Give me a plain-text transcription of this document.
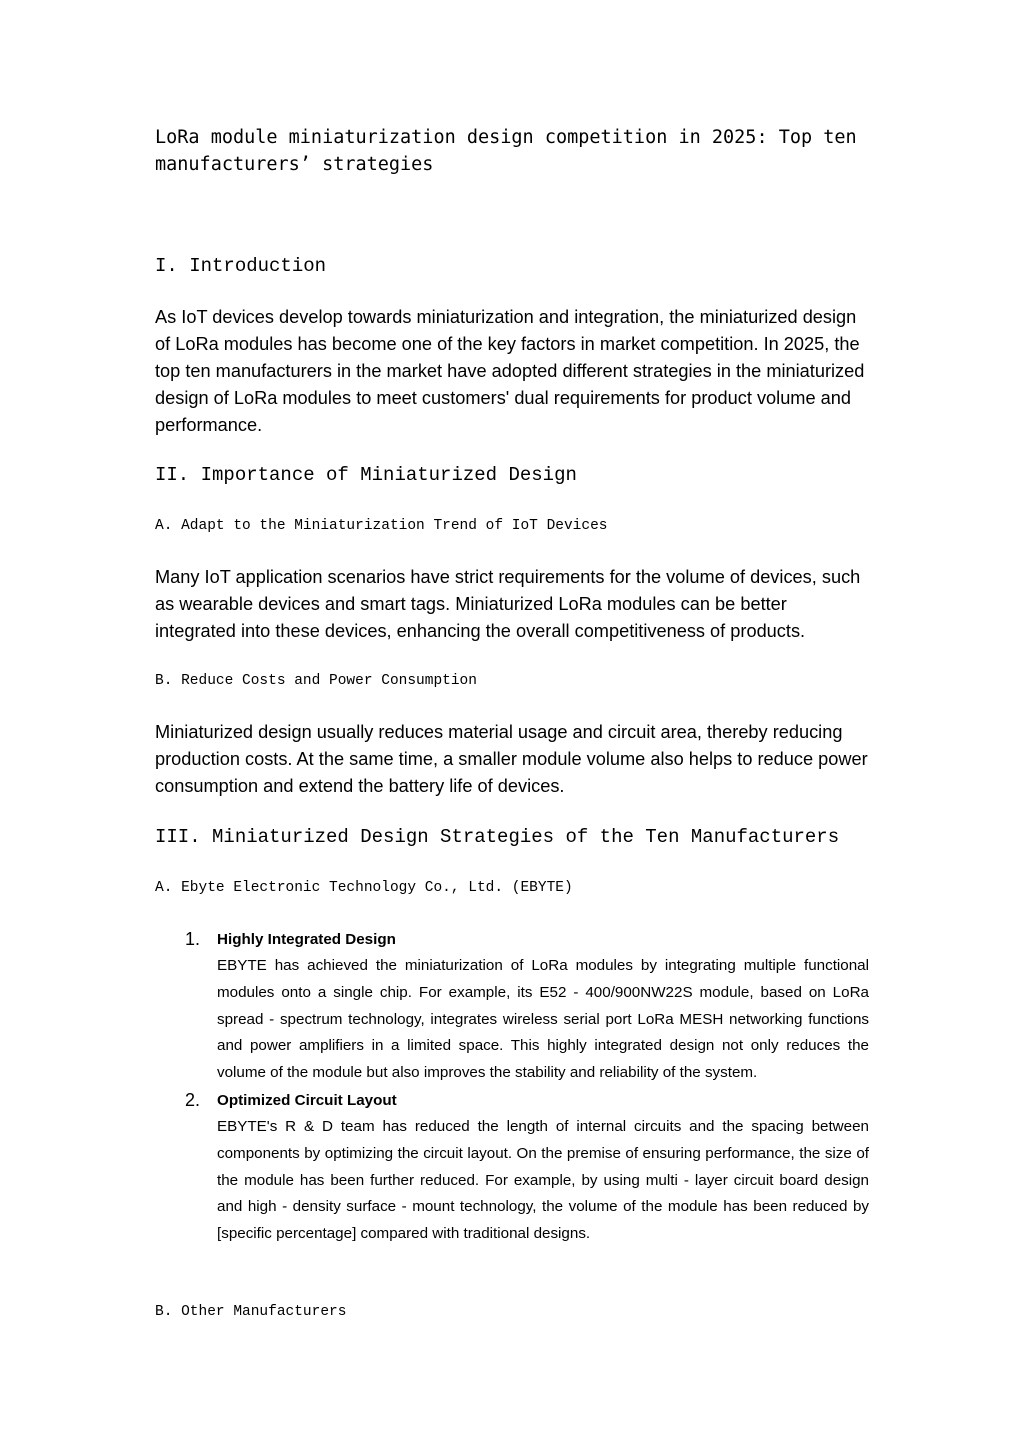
LoRa module miniaturization design competition in 2025: Top ten manufacturers’ strategies
I. Introduction

As IoT devices develop towards miniaturization and integration, the miniaturized design of LoRa modules has become one of the key factors in market competition. In 2025, the top ten manufacturers in the market have adopted different strategies in the miniaturized design of LoRa modules to meet customers' dual requirements for product volume and performance.

II. Importance of Miniaturized Design
A. Adapt to the Miniaturization Trend of IoT Devices

Many IoT application scenarios have strict requirements for the volume of devices, such as wearable devices and smart tags. Miniaturized LoRa modules can be better integrated into these devices, enhancing the overall competitiveness of products.

B. Reduce Costs and Power Consumption

Miniaturized design usually reduces material usage and circuit area, thereby reducing production costs. At the same time, a smaller module volume also helps to reduce power consumption and extend the battery life of devices.

III. Miniaturized Design Strategies of the Ten Manufacturers
A. Ebyte Electronic Technology Co., Ltd. (EBYTE)
1. Highly Integrated Design
EBYTE has achieved the miniaturization of LoRa modules by integrating multiple functional modules onto a single chip. For example, its E52 - 400/900NW22S module, based on LoRa spread - spectrum technology, integrates wireless serial port LoRa MESH networking functions and power amplifiers in a limited space. This highly integrated design not only reduces the volume of the module but also improves the stability and reliability of the system.
2. Optimized Circuit Layout
EBYTE's R & D team has reduced the length of internal circuits and the spacing between components by optimizing the circuit layout. On the premise of ensuring performance, the size of the module has been further reduced. For example, by using multi - layer circuit board design and high - density surface - mount technology, the volume of the module has been reduced by [specific percentage] compared with traditional designs.
B. Other Manufacturers
